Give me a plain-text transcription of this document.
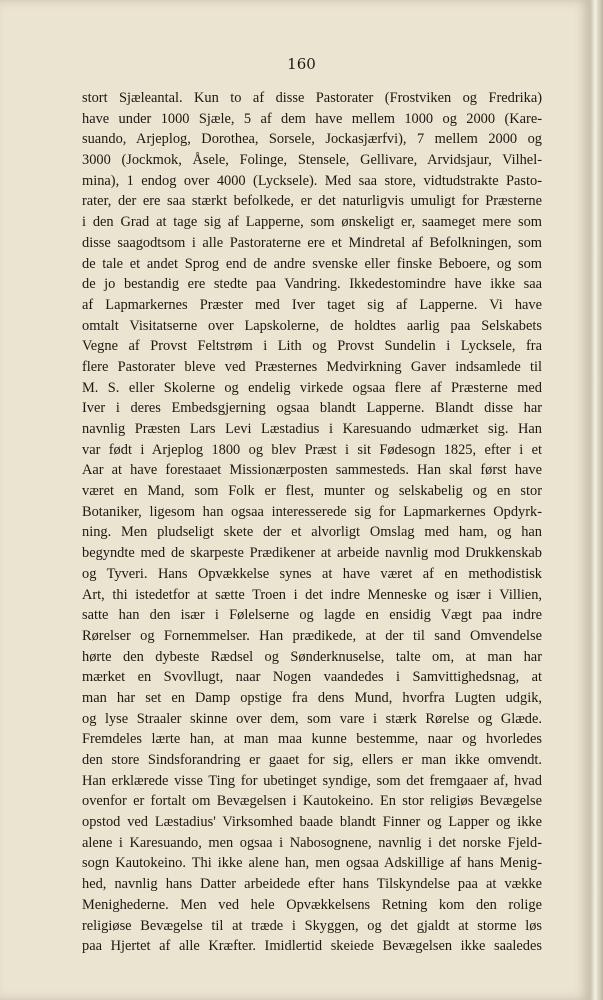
160
stort Sjæleantal. Kun to af disse Pastorater (Frostviken og Fredrika)
have under 1000 Sjæle, 5 af dem have mellem 1000 og 2000 (Kare-
suando, Arjeplog, Dorothea, Sorsele, Jockasjærfvi), 7 mellem 2000 og
3000 (Jockmok, Åsele, Folinge, Stensele, Gellivare, Arvidsjaur, Vilhel-
mina), 1 endog over 4000 (Lycksele). Med saa store, vidtudstrakte Pasto-
rater, der ere saa stærkt befolkede, er det naturligvis umuligt for Præsterne
i den Grad at tage sig af Lapperne, som ønskeligt er, saameget mere som
disse saagodtsom i alle Pastoraterne ere et Mindretal af Befolkningen, som
de tale et andet Sprog end de andre svenske eller finske Beboere, og som
de jo bestandig ere stedte paa Vandring. Ikkedestomindre have ikke saa
af Lapmarkernes Præster med Iver taget sig af Lapperne. Vi have
omtalt Visitatserne over Lapskolerne, de holdtes aarlig paa Selskabets
Vegne af Provst Feltstrøm i Lith og Provst Sundelin i Lycksele, fra
flere Pastorater bleve ved Præsternes Medvirkning Gaver indsamlede til
M. S. eller Skolerne og endelig virkede ogsaa flere af Præsterne med
Iver i deres Embedsgjerning ogsaa blandt Lapperne. Blandt disse har
navnlig Præsten Lars Levi Læstadius i Karesuando udmærket sig. Han
var født i Arjeplog 1800 og blev Præst i sit Fødesogn 1825, efter i et
Aar at have forestaaet Missionærposten sammesteds. Han skal først have
været en Mand, som Folk er flest, munter og selskabelig og en stor
Botaniker, ligesom han ogsaa interesserede sig for Lapmarkernes Opdyrk-
ning. Men pludseligt skete der et alvorligt Omslag med ham, og han
begyndte med de skarpeste Prædikener at arbeide navnlig mod Drukkenskab
og Tyveri. Hans Opvækkelse synes at have været af en methodistisk
Art, thi istedetfor at sætte Troen i det indre Menneske og især i Villien,
satte han den især i Følelserne og lagde en ensidig Vægt paa indre
Rørelser og Fornemmelser. Han prædikede, at der til sand Omvendelse
hørte den dybeste Rædsel og Sønderknuselse, talte om, at man har
mærket en Svovllugt, naar Nogen vaandedes i Samvittighedsnag, at
man har set en Damp opstige fra dens Mund, hvorfra Lugten udgik,
og lyse Straaler skinne over dem, som vare i stærk Rørelse og Glæde.
Fremdeles lærte han, at man maa kunne bestemme, naar og hvorledes
den store Sindsforandring er gaaet for sig, ellers er man ikke omvendt.
Han erklærede visse Ting for ubetinget syndige, som det fremgaaer af, hvad
ovenfor er fortalt om Bevægelsen i Kautokeino. En stor religiøs Bevægelse
opstod ved Læstadius' Virksomhed baade blandt Finner og Lapper og ikke
alene i Karesuando, men ogsaa i Nabosognene, navnlig i det norske Fjeld-
sogn Kautokeino. Thi ikke alene han, men ogsaa Adskillige af hans Menig-
hed, navnlig hans Datter arbeidede efter hans Tilskyndelse paa at vække
Menighederne. Men ved hele Opvækkelsens Retning kom den rolige
religiøse Bevægelse til at træde i Skyggen, og det gjaldt at storme løs
paa Hjertet af alle Kræfter. Imidlertid skeiede Bevægelsen ikke saaledes
